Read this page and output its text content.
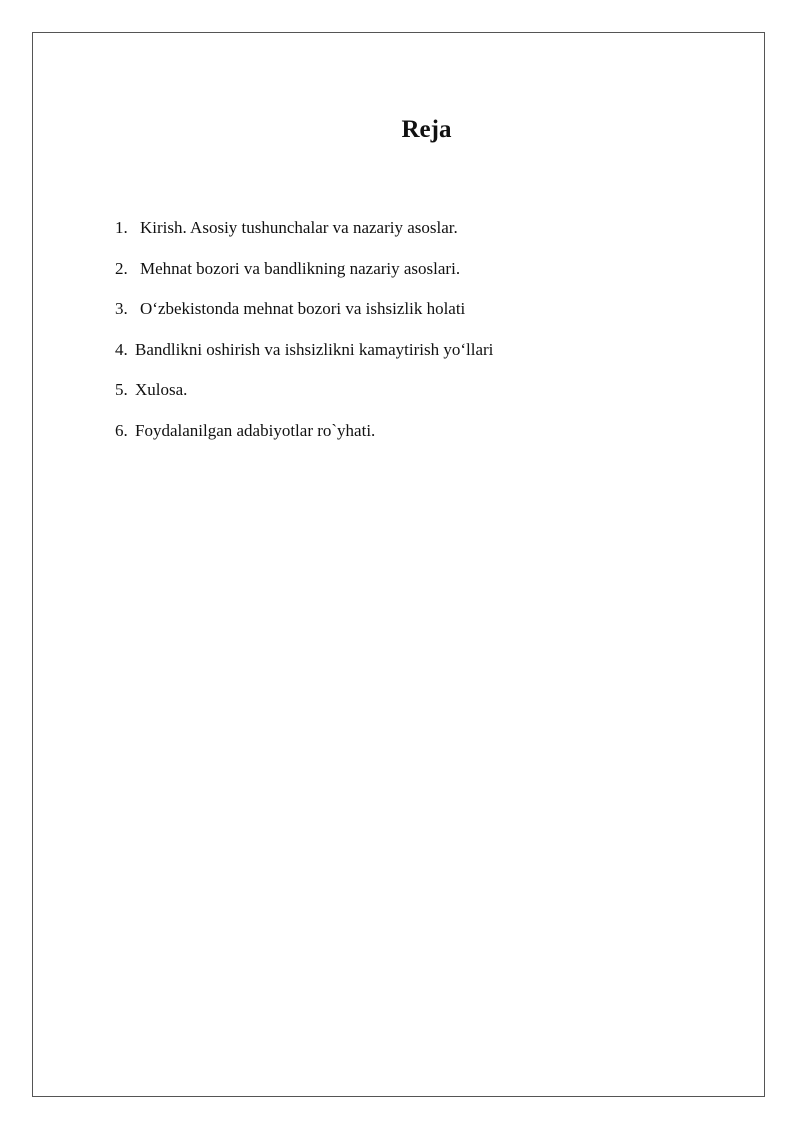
Reja
1. Kirish. Asosiy tushunchalar va nazariy asoslar.
2. Mehnat bozori va bandlikning nazariy asoslari.
3. O‘zbekistonda mehnat bozori va ishsizlik holati
4. Bandlikni oshirish va ishsizlikni kamaytirish yo‘llari
5. Xulosa.
6. Foydalanilgan adabiyotlar ro`yhati.
